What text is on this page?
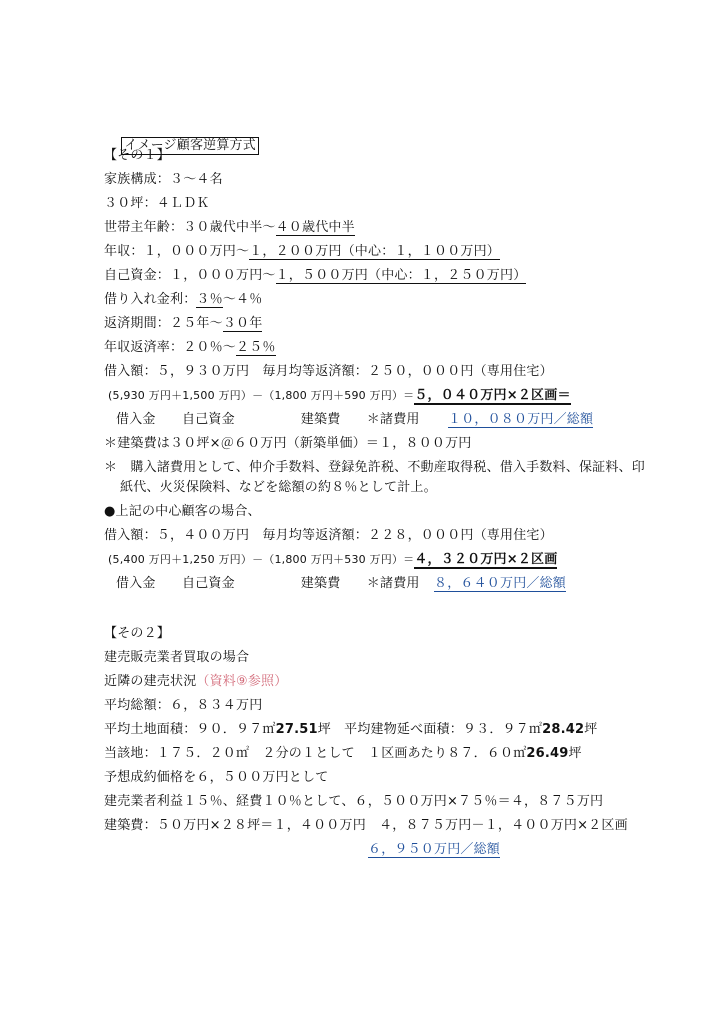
イメージ顧客逆算方式

【その１】
家族構成：３～４名
３０坪：４ＬＤＫ
世帯主年齢：３０歳代中半～４０歳代中半
年収：１，０００万円～１，２００万円（中心：１，１００万円）
自己資金：１，０００万円～１，５００万円（中心：１，２５０万円）
借り入れ金利：３％～４％
返済期間：２５年～３０年
年収返済率：２０％～２５％
借入額：５，９３０万円　毎月均等返済額：２５０，０００円（専用住宅）
(5,930 万円＋1,500 万円）－（1,800 万円＋590 万円）＝５，０４０万円×２区画＝
借入金　　自己資金　　　　　建築費　　＊諸費用 １０，０８０万円／総額
＊建築費は３０坪×＠６０万円（新築単価）＝１，８００万円
＊　購入諸費用として、仲介手数料、登録免許税、不動産取得税、借入手数料、保証料、印
紙代、火災保険料、などを総額の約８％として計上。
●上記の中心顧客の場合、
借入額：５，４００万円　毎月均等返済額：２２８，０００円（専用住宅）
(5,400 万円＋1,250 万円）－（1,800 万円＋530 万円）＝４，３２０万円×２区画
借入金　　自己資金　　　　　建築費　　＊諸費用 ８，６４０万円／総額
【その２】
建売販売業者買取の場合
近隣の建売状況（資料⑨参照）
平均総額：６，８３４万円
平均土地面積：９０．９７㎡27.51坪　平均建物延べ面積：９３．９７㎡28.42坪
当該地：１７５．２０㎡　２分の１として　１区画あたり８７．６０㎡26.49坪
予想成約価格を６，５００万円として
建売業者利益１５％、経費１０％として、６，５００万円×７５％＝４，８７５万円
建築費：５０万円×２８坪＝１，４００万円　４，８７５万円－１，４００万円×２区画
６，９５０万円／総額
